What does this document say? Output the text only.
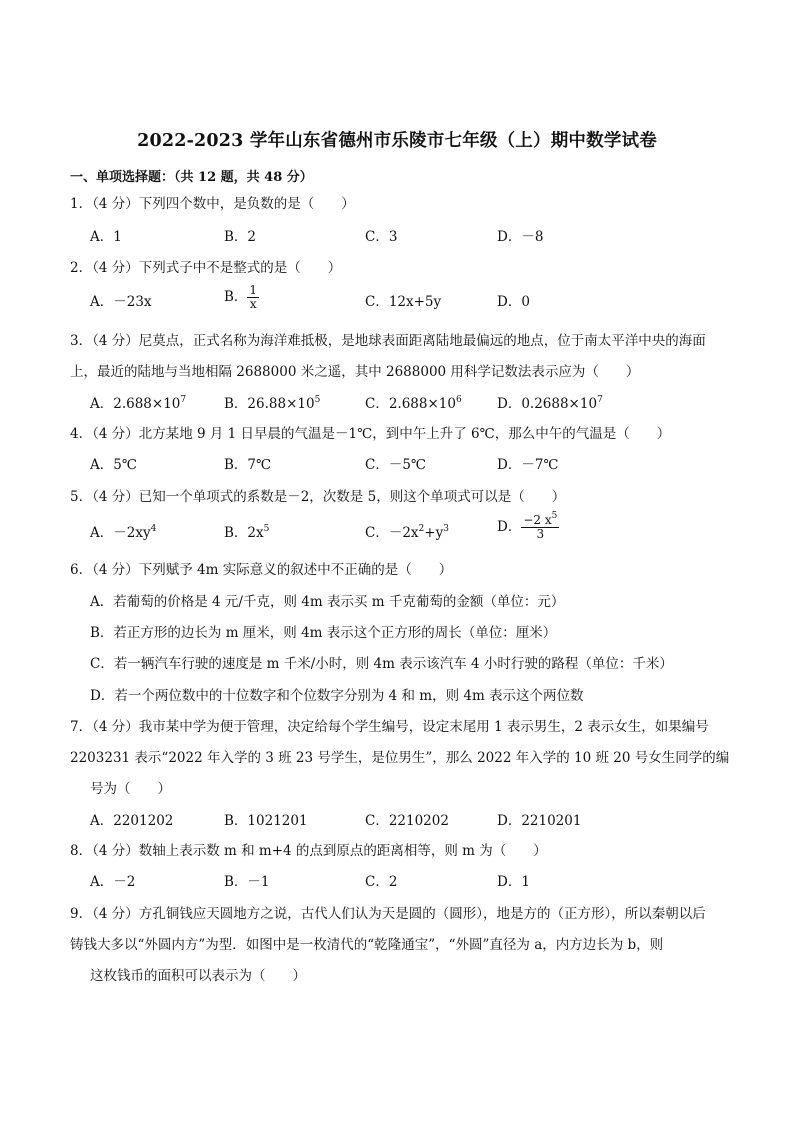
2022-2023 学年山东省德州市乐陵市七年级（上）期中数学试卷
一、单项选择题：（共 12 题，共 48 分）
1．（4 分）下列四个数中，是负数的是（　　）
A．1	B．2	C．3	D．－8
2．（4 分）下列式子中不是整式的是（　　）
A．－23x	B． $\frac{1}{x}$	C．12x+5y	D．0
3．（4 分）尼莫点，正式名称为海洋难抵极，是地球表面距离陆地最偏远的地点，位于南太平洋中央的海面
上，最近的陆地与当地相隔 2688000 米之遥，其中 2688000 用科学记数法表示应为（　　）
A．$2.688\times 10^7$	B．$26.88\times 10^5$	C．$2.688\times 10^6$	D．$0.2688\times 10^7$
4．（4 分）北方某地 9 月 1 日早晨的气温是－1℃，到中午上升了 6℃，那么中午的气温是（　　）
A．5℃	B．7℃	C．－5℃	D．－7℃
5．（4 分）已知一个单项式的系数是－2，次数是 5，则这个单项式可以是（　　）
A．$-2xy^4$	B．$2x^5$	C．$-2x^2+y^3$	D． $\frac{-2 x^5}{3}$
6．（4 分）下列赋予 4m 实际意义的叙述中不正确的是（　　）
A．若葡萄的价格是 4 元/千克，则 4m 表示买 m 千克葡萄的金额（单位：元）
B．若正方形的边长为 m 厘米，则 4m 表示这个正方形的周长（单位：厘米）
C．若一辆汽车行驶的速度是 m 千米/小时，则 4m 表示该汽车 4 小时行驶的路程（单位：千米）
D．若一个两位数中的十位数字和个位数字分别为 4 和 m，则 4m 表示这个两位数
7．（4 分）我市某中学为便于管理，决定给每个学生编号，设定末尾用 1 表示男生，2 表示女生，如果编号
2203231 表示“2022 年入学的 3 班 23 号学生，是位男生”，那么 2022 年入学的 10 班 20 号女生同学的编
号为（　　）
A．2201202	B．1021201	C．2210202	D．2210201
8．（4 分）数轴上表示数 m 和 m+4 的点到原点的距离相等，则 m 为（　　）
A．－2	B．－1	C．2	D．1
9．（4 分）方孔铜钱应天圆地方之说，古代人们认为天是圆的（圆形），地是方的（正方形），所以秦朝以后
铸钱大多以“外圆内方”为型．如图中是一枚清代的“乾隆通宝”，“外圆”直径为 a，内方边长为 b，则
这枚钱币的面积可以表示为（　　）
